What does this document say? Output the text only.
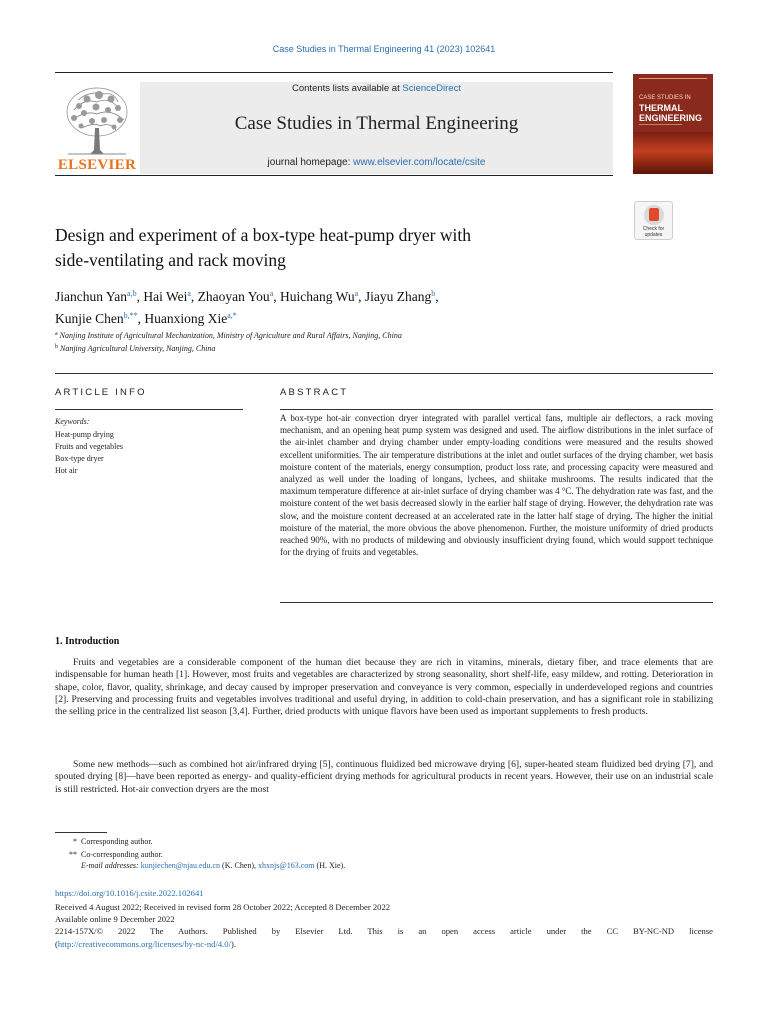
Case Studies in Thermal Engineering 41 (2023) 102641
ELSEVIER
Contents lists available at ScienceDirect
Case Studies in Thermal Engineering
journal homepage: www.elsevier.com/locate/csite
CASE STUDIES IN
THERMAL
ENGINEERING
▔▔▔▔▔▔▔▔▔▔▔▔▔▔
Check for
updates
Design and experiment of a box-type heat-pump dryer with
side-ventilating and rack moving
Jianchun Yan$^{a,b}$, Hai Wei$^a$, Zhaoyan You$^a$, Huichang Wu$^a$, Jiayu Zhang$^b$,
Kunjie Chen$^{b,**}$, Huanxiong Xie$^{a,*}$
$^a$ Nanjing Institute of Agricultural Mechanization, Ministry of Agriculture and Rural Affairs, Nanjing, China
$^b$ Nanjing Agricultural University, Nanjing, China
ARTICLE INFO
Keywords:
Heat-pump drying
Fruits and vegetables
Box-type dryer
Hot air
ABSTRACT
A box-type hot-air convection dryer integrated with parallel vertical fans, multiple air deflectors, a rack moving mechanism, and an opening heat pump system was designed and used. The airflow distributions in the inlet surface of the air-inlet chamber and drying chamber under empty-loading conditions were measured and the results showed excellent uniformities. The air temperature distributions at the inlet and outlet surfaces of the drying chamber, wet basis moisture content of the materials, energy consumption, product loss rate, and processing capacity were measured and analyzed as well under the loading of longans, lychees, and shiitake mushrooms. The results indicated that the maximum temperature difference at air-inlet surface of drying chamber was 4 °C. The dehydration rate was fast, and the moisture content of the wet basis decreased slowly in the earlier half stage of drying. However, the dehydration rate was slow, and the moisture content decreased at an accelerated rate in the latter half stage of drying. The higher the initial moisture of the material, the more obvious the above phenomenon. Further, the moisture uniformity of dried products reached 90%, with no products of mildewing and obviously insufficient drying found, which would support technique for the drying of fruits and vegetables.
1. Introduction
Fruits and vegetables are a considerable component of the human diet because they are rich in vitamins, minerals, dietary fiber, and trace elements that are indispensable for human heath [1]. However, most fruits and vegetables are characterized by strong seasonality, short shelf-life, easy mildew, and rotting. Deterioration in shape, color, flavor, quality, shrinkage, and decay caused by improper preservation and conveyance is very common, especially in underdeveloped regions and countries [2]. Preserving and processing fruits and vegetables involves traditional and useful drying, in addition to cold-chain preservation, and has a significant role in stabilizing the selling price in the centralized list season [3,4]. Further, dried products with unique flavors have been used as important supplements to fresh products.
Some new methods—such as combined hot air/infrared drying [5], continuous fluidized bed microwave drying [6], super-heated steam fluidized bed drying [7], and spouted drying [8]—have been reported as energy- and quality-efficient drying methods for agricultural products in recent years. However, their use on an industrial scale is still restricted. Hot-air convection dryers are the most
* Corresponding author.
** Co-corresponding author.
E-mail addresses: kunjiechen@njau.edu.cn (K. Chen), xhxnjs@163.com (H. Xie).
https://doi.org/10.1016/j.csite.2022.102641
Received 4 August 2022; Received in revised form 28 October 2022; Accepted 8 December 2022
Available online 9 December 2022
2214-157X/© 2022 The Authors. Published by Elsevier Ltd. This is an open access article under the CC BY-NC-ND license
(http://creativecommons.org/licenses/by-nc-nd/4.0/).
